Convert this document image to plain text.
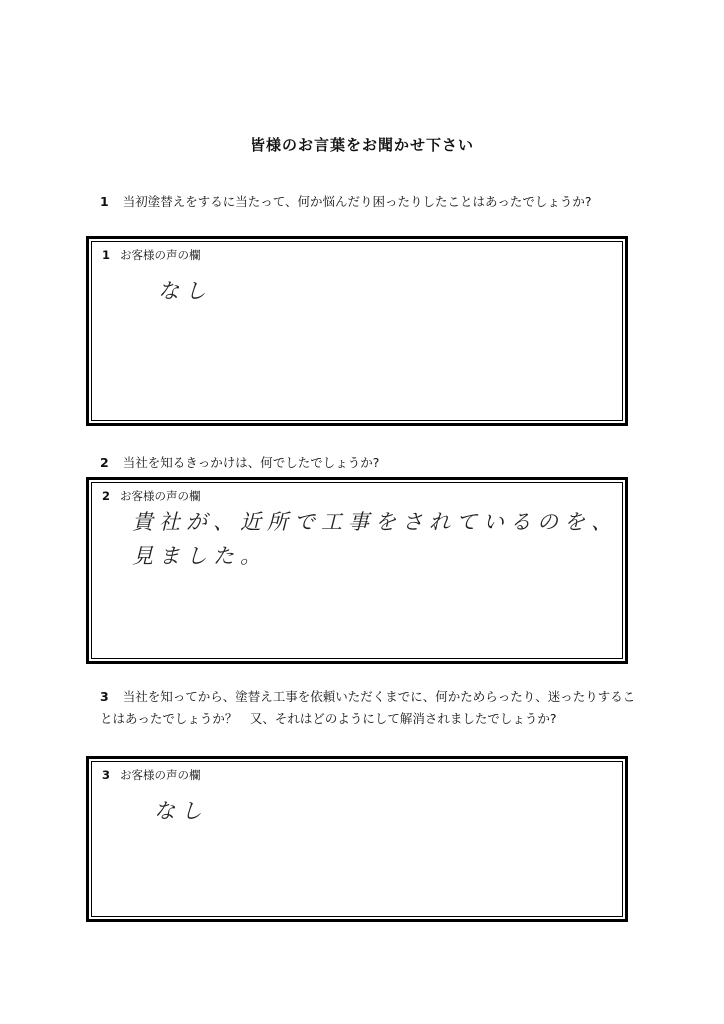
皆様のお言葉をお聞かせ下さい
1 当初塗替えをするに当たって、何か悩んだり困ったりしたことはあったでしょうか?
1 お客様の声の欄
なし
2 当社を知るきっかけは、何でしたでしょうか?
2 お客様の声の欄
貴社が、近所で工事をされているのを、
見ました。
3 当社を知ってから、塗替え工事を依頼いただくまでに、何かためらったり、迷ったりすることはあったでしょうか？　又、それはどのようにして解消されましたでしょうか?
3 お客様の声の欄
なし
